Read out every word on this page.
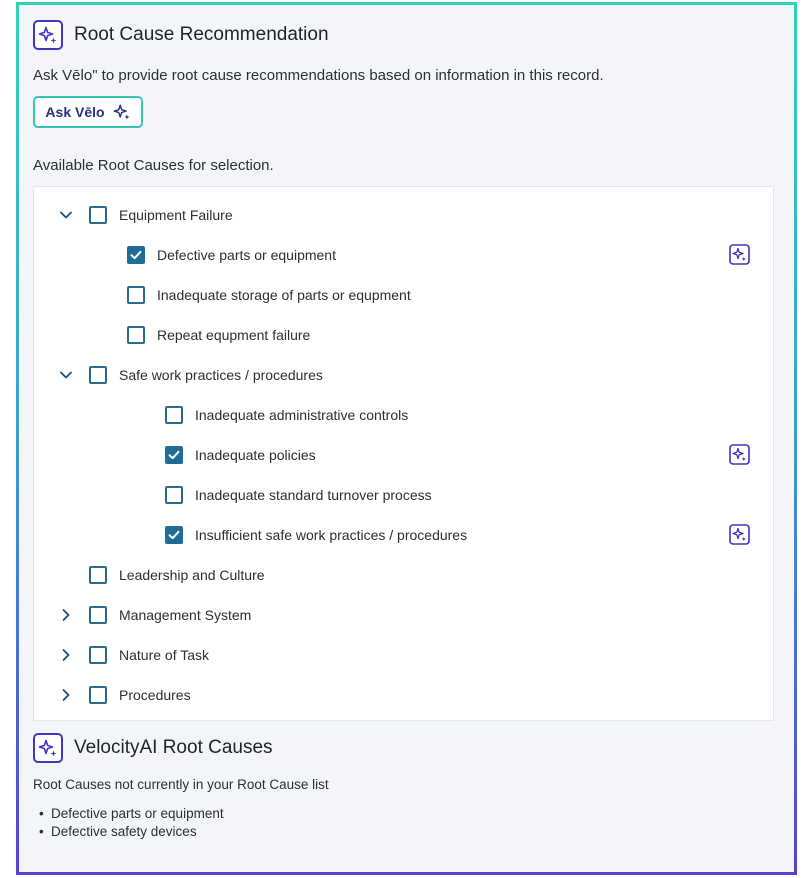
Root Cause Recommendation
Ask Vēlo" to provide root cause recommendations based on information in this record.
Ask Vēlo
Available Root Causes for selection.
Equipment Failure
Defective parts or equipment
Inadequate storage of parts or equpment
Repeat equpment failure
Safe work practices / procedures
Inadequate administrative controls
Inadequate policies
Inadequate standard turnover process
Insufficient safe work practices / procedures
Leadership and Culture
Management System
Nature of Task
Procedures
VelocityAI Root Causes
Root Causes not currently in your Root Cause list
• Defective parts or equipment
• Defective safety devices
